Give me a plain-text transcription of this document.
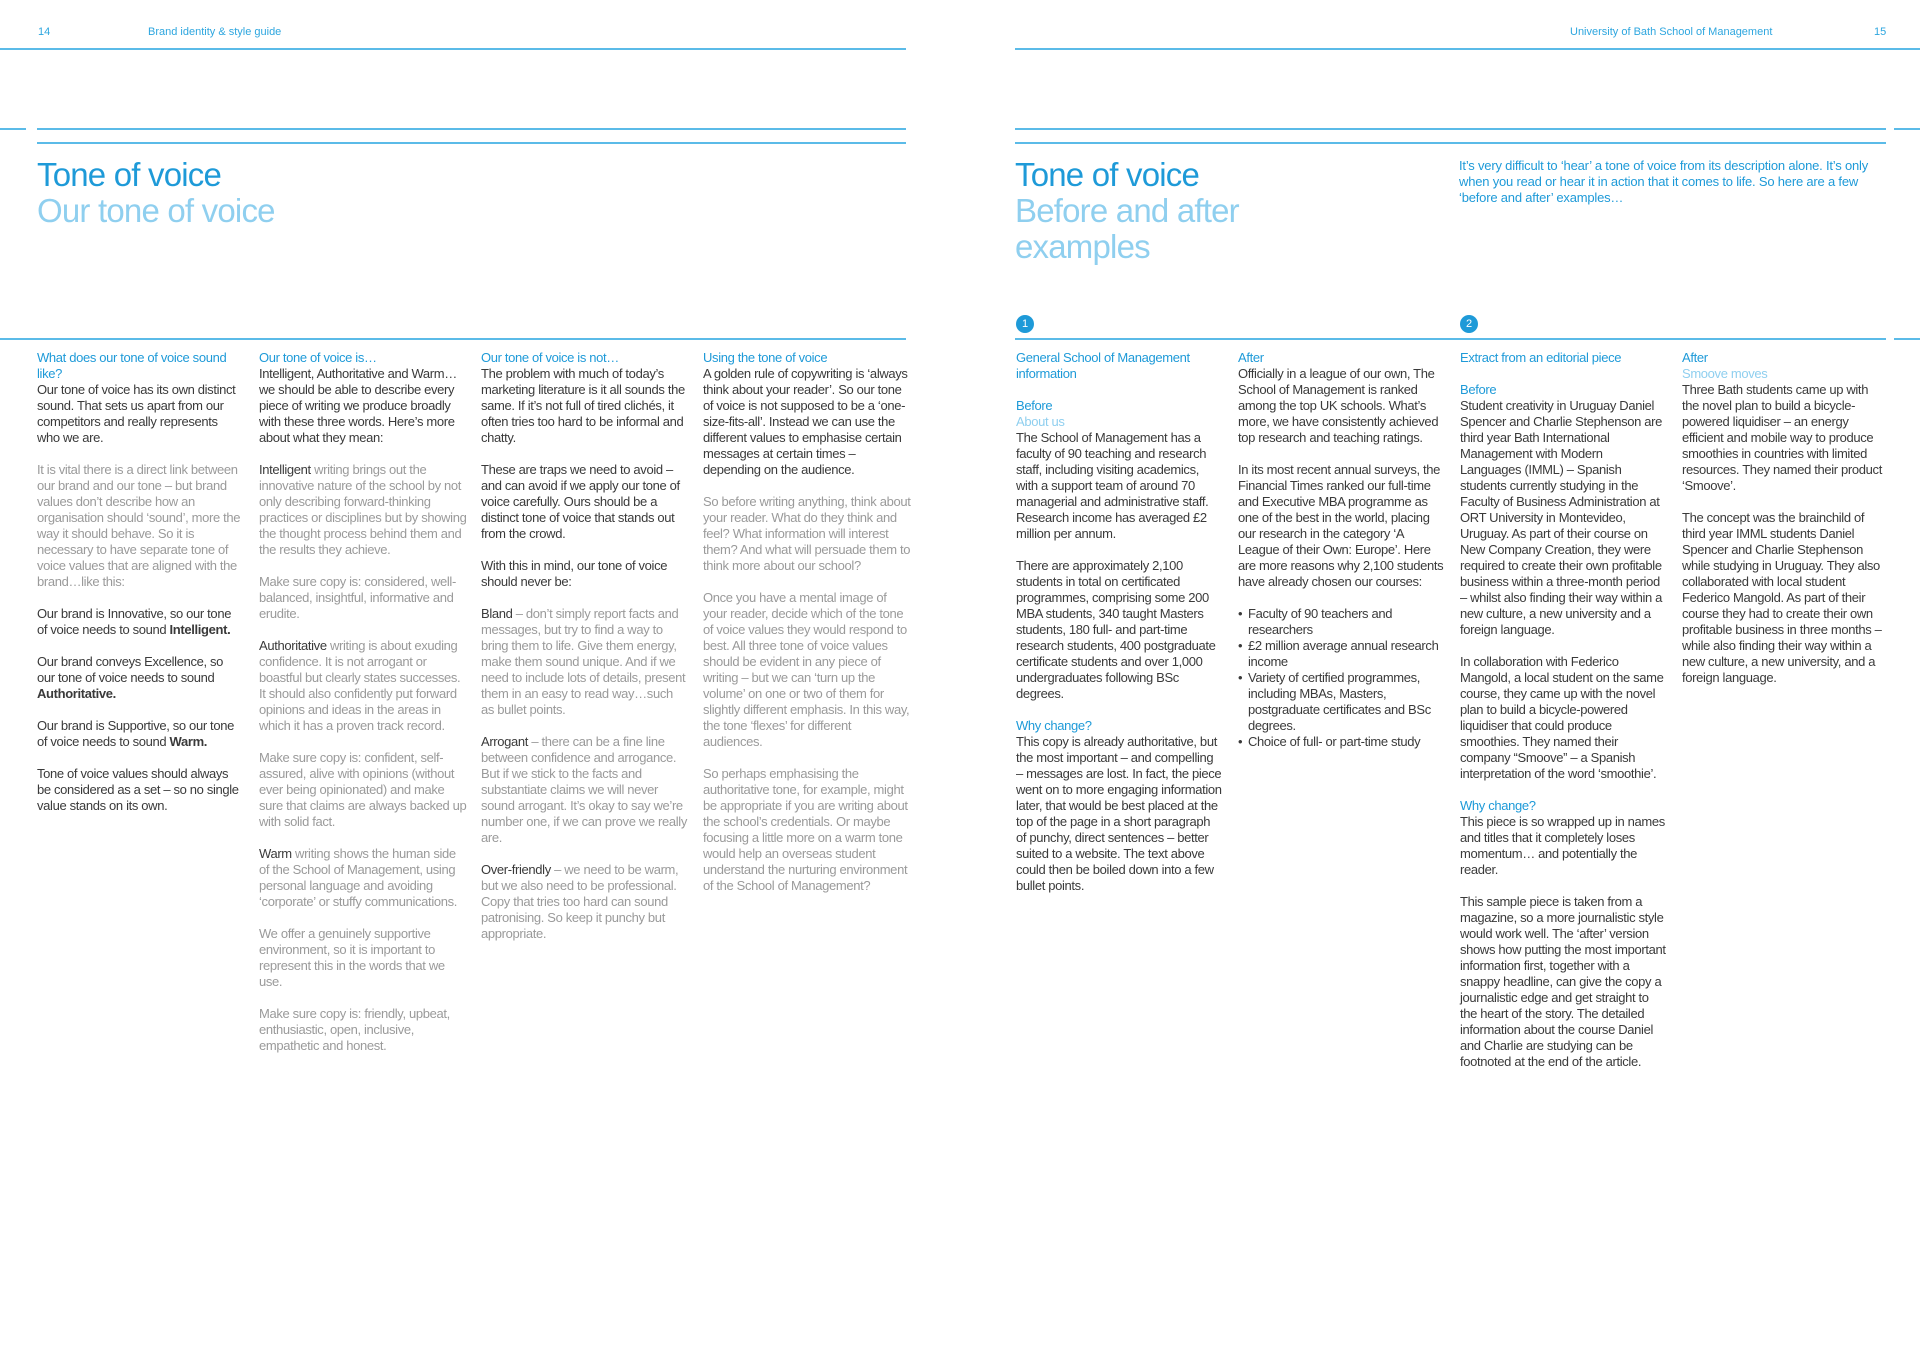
14	Brand identity & style guide	University of Bath School of Management	15
Tone of voice
Our tone of voice
What does our tone of voice sound like?

Our tone of voice has its own distinct sound. That sets us apart from our competitors and really represents who we are.

It is vital there is a direct link between our brand and our tone – but brand values don’t describe how an organisation should ‘sound’, more the way it should behave. So it is necessary to have separate tone of voice values that are aligned with the brand…like this:

Our brand is Innovative, so our tone of voice needs to sound Intelligent.

Our brand conveys Excellence, so our tone of voice needs to sound Authoritative.

Our brand is Supportive, so our tone of voice needs to sound Warm.

Tone of voice values should always be considered as a set – so no single value stands on its own.

Our tone of voice is…

Intelligent, Authoritative and Warm…we should be able to describe every piece of writing we produce broadly with these three words. Here’s more about what they mean:

Intelligent writing brings out the innovative nature of the school by not only describing forward-thinking practices or disciplines but by showing the thought process behind them and the results they achieve.

Make sure copy is: considered, well-balanced, insightful, informative and erudite.

Authoritative writing is about exuding confidence. It is not arrogant or boastful but clearly states successes. It should also confidently put forward opinions and ideas in the areas in which it has a proven track record.

Make sure copy is: confident, self-assured, alive with opinions (without ever being opinionated) and make sure that claims are always backed up with solid fact.

Warm writing shows the human side of the School of Management, using personal language and avoiding ‘corporate’ or stuffy communications.

We offer a genuinely supportive environment, so it is important to represent this in the words that we use.

Make sure copy is: friendly, upbeat, enthusiastic, open, inclusive, empathetic and honest.

Our tone of voice is not…

The problem with much of today’s marketing literature is it all sounds the same. If it’s not full of tired clichés, it often tries too hard to be informal and chatty.

These are traps we need to avoid – and can avoid if we apply our tone of voice carefully. Ours should be a distinct tone of voice that stands out from the crowd.

With this in mind, our tone of voice should never be:

Bland – don’t simply report facts and messages, but try to find a way to bring them to life. Give them energy, make them sound unique. And if we need to include lots of details, present them in an easy to read way…such as bullet points.

Arrogant – there can be a fine line between confidence and arrogance. But if we stick to the facts and substantiate claims we will never sound arrogant. It’s okay to say we’re number one, if we can prove we really are.

Over-friendly – we need to be warm, but we also need to be professional. Copy that tries too hard can sound patronising. So keep it punchy but appropriate.

Using the tone of voice

A golden rule of copywriting is ‘always think about your reader’. So our tone of voice is not supposed to be a ‘one-size-fits-all’. Instead we can use the different values to emphasise certain messages at certain times – depending on the audience.

So before writing anything, think about your reader. What do they think and feel? What information will interest them? And what will persuade them to think more about our school?

Once you have a mental image of your reader, decide which of the tone of voice values they would respond to best. All three tone of voice values should be evident in any piece of writing – but we can ‘turn up the volume’ on one or two of them for slightly different emphasis. In this way, the tone ‘flexes’ for different audiences.

So perhaps emphasising the authoritative tone, for example, might be appropriate if you are writing about the school’s credentials. Or maybe focusing a little more on a warm tone would help an overseas student understand the nurturing environment of the School of Management?

Tone of voice
Before and after examples
It’s very difficult to ‘hear’ a tone of voice from its description alone. It’s only when you read or hear it in action that it comes to life. So here are a few ‘before and after’ examples…
1	2

General School of Management information

Before
About us

The School of Management has a faculty of 90 teaching and research staff, including visiting academics, with a support team of around 70 managerial and administrative staff. Research income has averaged £2 million per annum.

There are approximately 2,100 students in total on certificated programmes, comprising some 200 MBA students, 340 taught Masters students, 180 full- and part-time research students, 400 postgraduate certificate students and over 1,000 undergraduates following BSc degrees.

Why change?

This copy is already authoritative, but the most important – and compelling – messages are lost. In fact, the piece went on to more engaging information later, that would be best placed at the top of the page in a short paragraph of punchy, direct sentences – better suited to a website. The text above could then be boiled down into a few bullet points.

After

Officially in a league of our own, The School of Management is ranked among the top UK schools. What’s more, we have consistently achieved top research and teaching ratings.

In its most recent annual surveys, the Financial Times ranked our full-time and Executive MBA programme as one of the best in the world, placing our research in the category ‘A League of their Own: Europe’. Here are more reasons why 2,100 students have already chosen our courses:

• Faculty of 90 teachers and researchers
• £2 million average annual research income
• Variety of certified programmes, including MBAs, Masters, postgraduate certificates and BSc degrees.
• Choice of full- or part-time study

Extract from an editorial piece

Before

Student creativity in Uruguay Daniel Spencer and Charlie Stephenson are third year Bath International Management with Modern Languages (IMML) – Spanish students currently studying in the Faculty of Business Administration at ORT University in Montevideo, Uruguay. As part of their course on New Company Creation, they were required to create their own profitable business within a three-month period – whilst also finding their way within a new culture, a new university and a foreign language.

In collaboration with Federico Mangold, a local student on the same course, they came up with the novel plan to build a bicycle-powered liquidiser that could produce smoothies. They named their company “Smoove” – a Spanish interpretation of the word ‘smoothie’.

Why change?

This piece is so wrapped up in names and titles that it completely loses momentum… and potentially the reader.

This sample piece is taken from a magazine, so a more journalistic style would work well. The ‘after’ version shows how putting the most important information first, together with a snappy headline, can give the copy a journalistic edge and get straight to the heart of the story. The detailed information about the course Daniel and Charlie are studying can be footnoted at the end of the article.

After
Smoove moves

Three Bath students came up with the novel plan to build a bicycle-powered liquidiser – an energy efficient and mobile way to produce smoothies in countries with limited resources. They named their product ‘Smoove’.

The concept was the brainchild of third year IMML students Daniel Spencer and Charlie Stephenson while studying in Uruguay. They also collaborated with local student Federico Mangold. As part of their course they had to create their own profitable business in three months – while also finding their way within a new culture, a new university, and a foreign language.
